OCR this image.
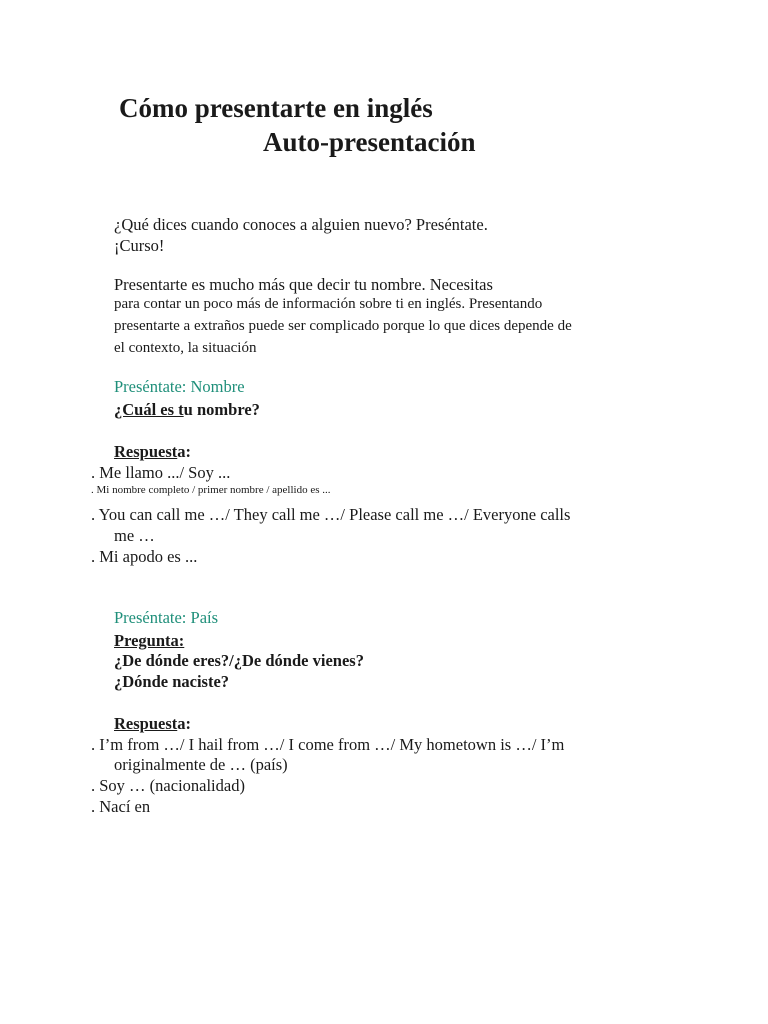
Cómo presentarte en inglés
Auto-presentación
¿Qué dices cuando conoces a alguien nuevo? Preséntate.
¡Curso!
Presentarte es mucho más que decir tu nombre. Necesitas
para contar un poco más de información sobre ti en inglés. Presentando
presentarte a extraños puede ser complicado porque lo que dices depende de
el contexto, la situación
Preséntate: Nombre
¿Cuál es tu nombre?
Respuesta:
. Me llamo .../ Soy ...
. Mi nombre completo / primer nombre / apellido es ...
. You can call me …/ They call me …/ Please call me …/ Everyone calls
me …
. Mi apodo es ...
Preséntate: País
Pregunta:
¿De dónde eres?/¿De dónde vienes?
¿Dónde naciste?
Respuesta:
. I’m from …/ I hail from …/ I come from …/ My hometown is …/ I’m
originalmente de … (país)
. Soy … (nacionalidad)
. Nací en
